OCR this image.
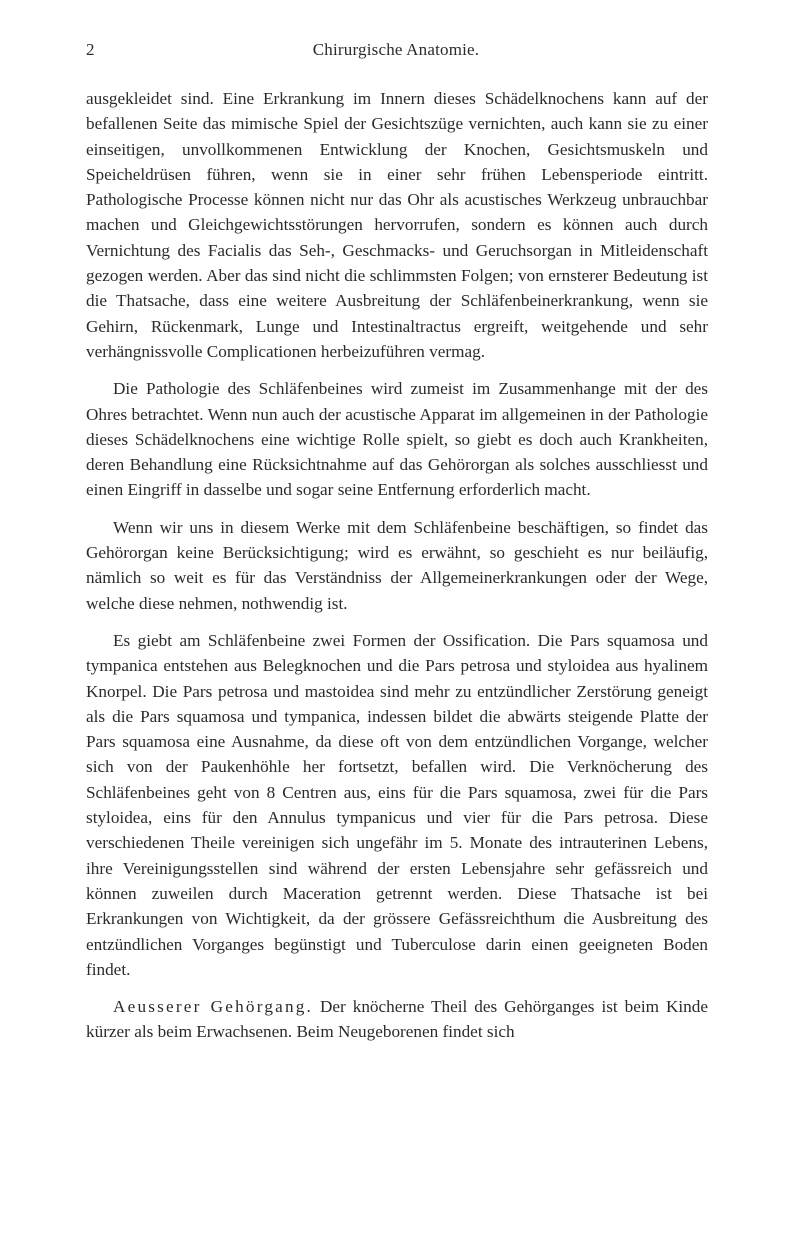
2	Chirurgische Anatomie.

ausgekleidet sind. Eine Erkrankung im Innern dieses Schädelknochens kann auf der befallenen Seite das mimische Spiel der Gesichtszüge vernichten, auch kann sie zu einer einseitigen, unvollkommenen Entwicklung der Knochen, Gesichtsmuskeln und Speicheldrüsen führen, wenn sie in einer sehr frühen Lebensperiode eintritt. Pathologische Processe können nicht nur das Ohr als acustisches Werkzeug unbrauchbar machen und Gleichgewichtsstörungen hervorrufen, sondern es können auch durch Vernichtung des Facialis das Seh-, Geschmacks- und Geruchsorgan in Mitleidenschaft gezogen werden. Aber das sind nicht die schlimmsten Folgen; von ernsterer Bedeutung ist die Thatsache, dass eine weitere Ausbreitung der Schläfenbeinerkrankung, wenn sie Gehirn, Rückenmark, Lunge und Intestinaltractus ergreift, weitgehende und sehr verhängnissvolle Complicationen herbeizuführen vermag.

Die Pathologie des Schläfenbeines wird zumeist im Zusammenhange mit der des Ohres betrachtet. Wenn nun auch der acustische Apparat im allgemeinen in der Pathologie dieses Schädelknochens eine wichtige Rolle spielt, so giebt es doch auch Krankheiten, deren Behandlung eine Rücksichtnahme auf das Gehörorgan als solches ausschliesst und einen Eingriff in dasselbe und sogar seine Entfernung erforderlich macht.

Wenn wir uns in diesem Werke mit dem Schläfenbeine beschäftigen, so findet das Gehörorgan keine Berücksichtigung; wird es erwähnt, so geschieht es nur beiläufig, nämlich so weit es für das Verständniss der Allgemeinerkrankungen oder der Wege, welche diese nehmen, nothwendig ist.

Es giebt am Schläfenbeine zwei Formen der Ossification. Die Pars squamosa und tympanica entstehen aus Belegknochen und die Pars petrosa und styloidea aus hyalinem Knorpel. Die Pars petrosa und mastoidea sind mehr zu entzündlicher Zerstörung geneigt als die Pars squamosa und tympanica, indessen bildet die abwärts steigende Platte der Pars squamosa eine Ausnahme, da diese oft von dem entzündlichen Vorgange, welcher sich von der Paukenhöhle her fortsetzt, befallen wird. Die Verknöcherung des Schläfenbeines geht von 8 Centren aus, eins für die Pars squamosa, zwei für die Pars styloidea, eins für den Annulus tympanicus und vier für die Pars petrosa. Diese verschiedenen Theile vereinigen sich ungefähr im 5. Monate des intrauterinen Lebens, ihre Vereinigungsstellen sind während der ersten Lebensjahre sehr gefässreich und können zuweilen durch Maceration getrennt werden. Diese Thatsache ist bei Erkrankungen von Wichtigkeit, da der grössere Gefässreichthum die Ausbreitung des entzündlichen Vorganges begünstigt und Tuberculose darin einen geeigneten Boden findet.

Aeusserer Gehörgang. Der knöcherne Theil des Gehörganges ist beim Kinde kürzer als beim Erwachsenen. Beim Neugeborenen findet sich
